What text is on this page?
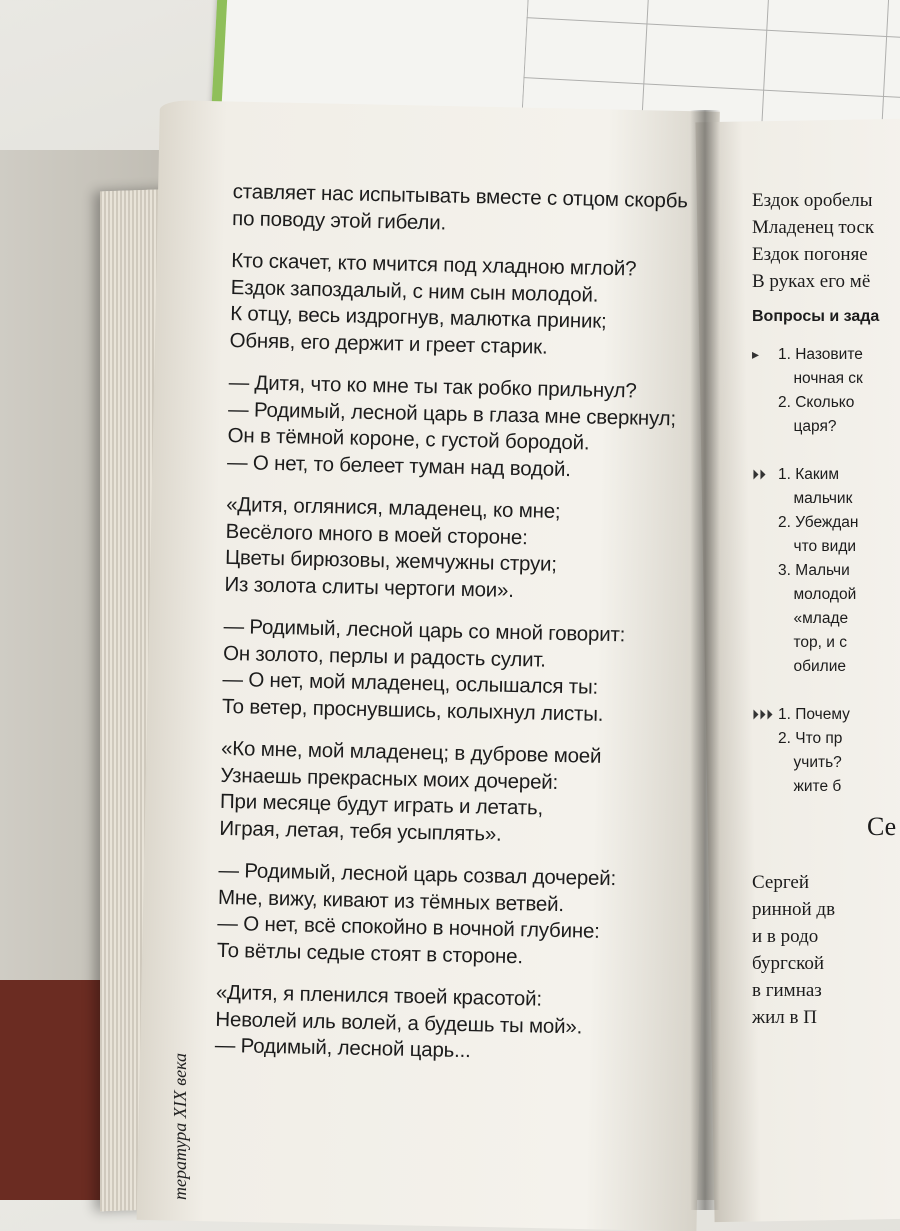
ставляет нас испытывать вместе с отцом скорбь
по поводу этой гибели.
Кто скачет, кто мчится под хладною мглой?
Ездок запоздалый, с ним сын молодой.
К отцу, весь издрогнув, малютка приник;
Обняв, его держит и греет старик.
— Дитя, что ко мне ты так робко прильнул?
— Родимый, лесной царь в глаза мне сверкнул;
Он в тёмной короне, с густой бородой.
— О нет, то белеет туман над водой.
«Дитя, оглянися, младенец, ко мне;
Весёлого много в моей стороне:
Цветы бирюзовы, жемчужны струи;
Из золота слиты чертоги мои».
— Родимый, лесной царь со мной говорит:
Он золото, перлы и радость сулит.
— О нет, мой младенец, ослышался ты:
То ветер, проснувшись, колыхнул листы.
«Ко мне, мой младенец; в дуброве моей
Узнаешь прекрасных моих дочерей:
При месяце будут играть и летать,
Играя, летая, тебя усыплять».
— Родимый, лесной царь созвал дочерей:
Мне, вижу, кивают из тёмных ветвей.
— О нет, всё спокойно в ночной глубине:
То вётлы седые стоят в стороне.
«Дитя, я пленился твоей красотой:
Неволей иль волей, а будешь ты мой».
— Родимый, лесной царь...
тература XIX века
Ездок оробелы
Младенец тоск
Ездок погоняе
В руках его мё
Вопросы и зада
▸ 1. Назовите
 ночная ск
2. Сколько
 царя?
⏵⏵ 1. Каким
 мальчик
2. Убеждан
 что види
3. Мальчи
 молодой
 «младе
 тор, и с
 обилие
⏵⏵⏵ 1. Почему
2. Что пр
 учить?
 жите б
Се
Сергей
ринной дв
и в родо
бургской
в гимназ
жил в П
